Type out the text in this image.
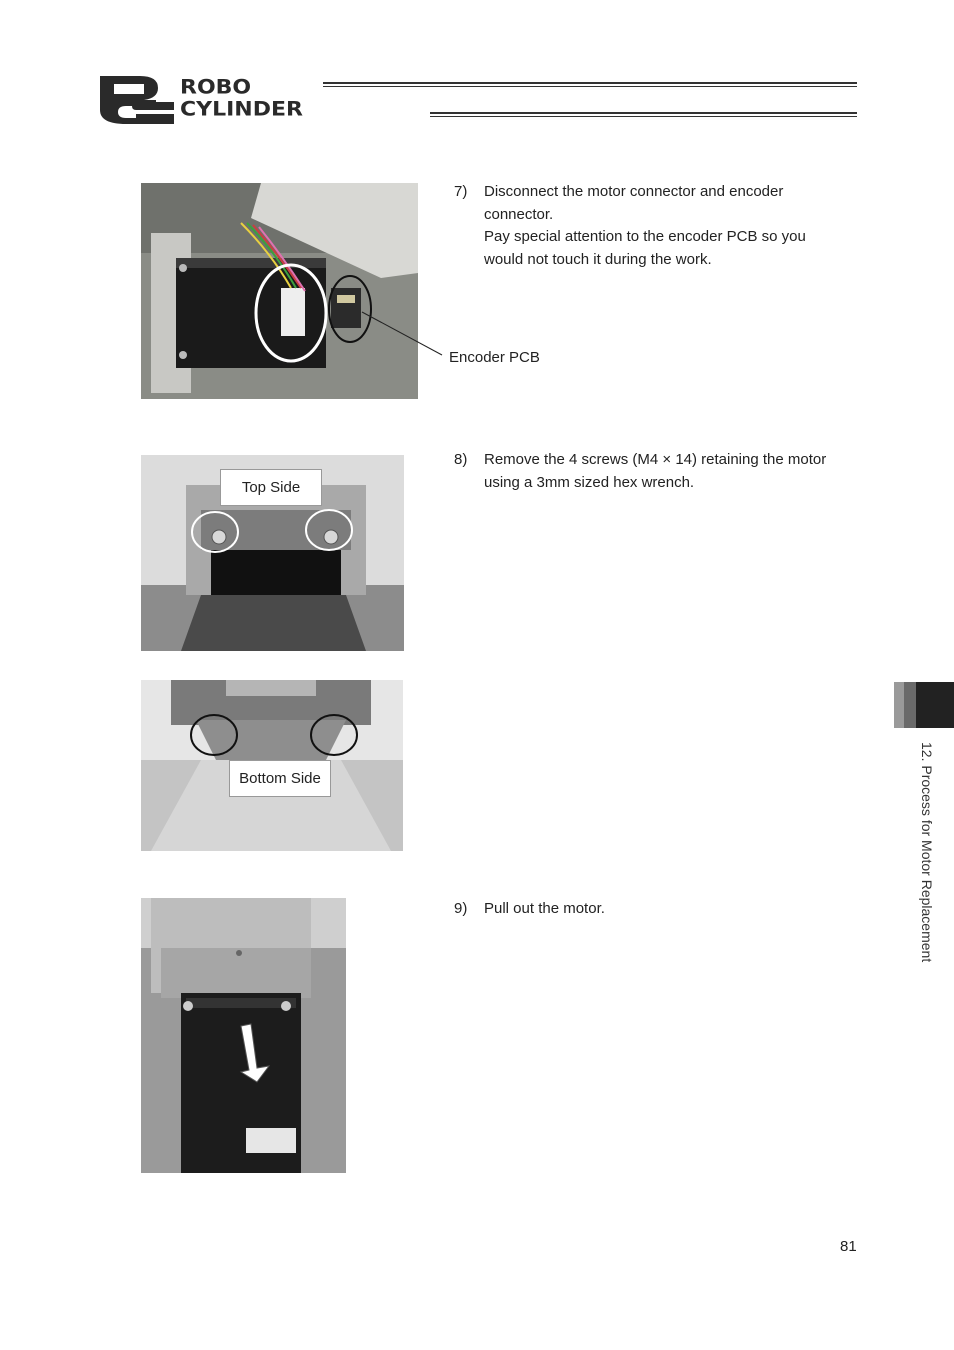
ROBO
CYLINDER
Encoder PCB
7) Disconnect the motor connector and encoder

connector.

Pay special attention to the encoder PCB so you

would not touch it during the work.

Top Side
Bottom Side
8) Remove the 4 screws (M4 × 14) retaining the motor

using a 3mm sized hex wrench.

9) Pull out the motor.	12. Process for Motor Replacement
81
